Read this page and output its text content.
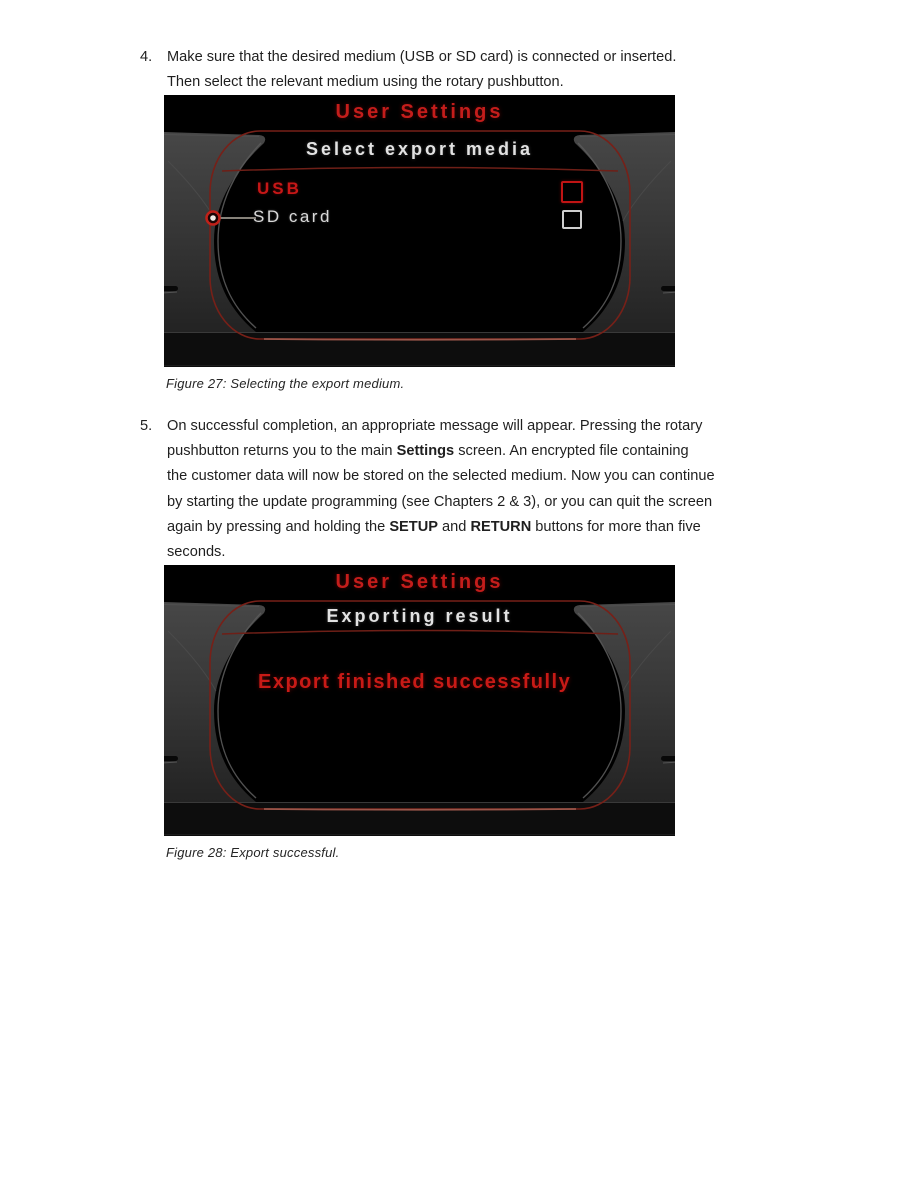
4. Make sure that the desired medium (USB or SD card) is connected or inserted.
Then select the relevant medium using the rotary pushbutton.
User Settings
Select export media
USB
SD card
Figure 27: Selecting the export medium.
5. On successful completion, an appropriate message will appear. Pressing the rotary
pushbutton returns you to the main Settings screen. An encrypted file containing
the customer data will now be stored on the selected medium. Now you can continue
by starting the update programming (see Chapters 2 & 3), or you can quit the screen
again by pressing and holding the SETUP and RETURN buttons for more than five
seconds.
User Settings
Exporting result
Export finished successfully
Figure 28: Export successful.
